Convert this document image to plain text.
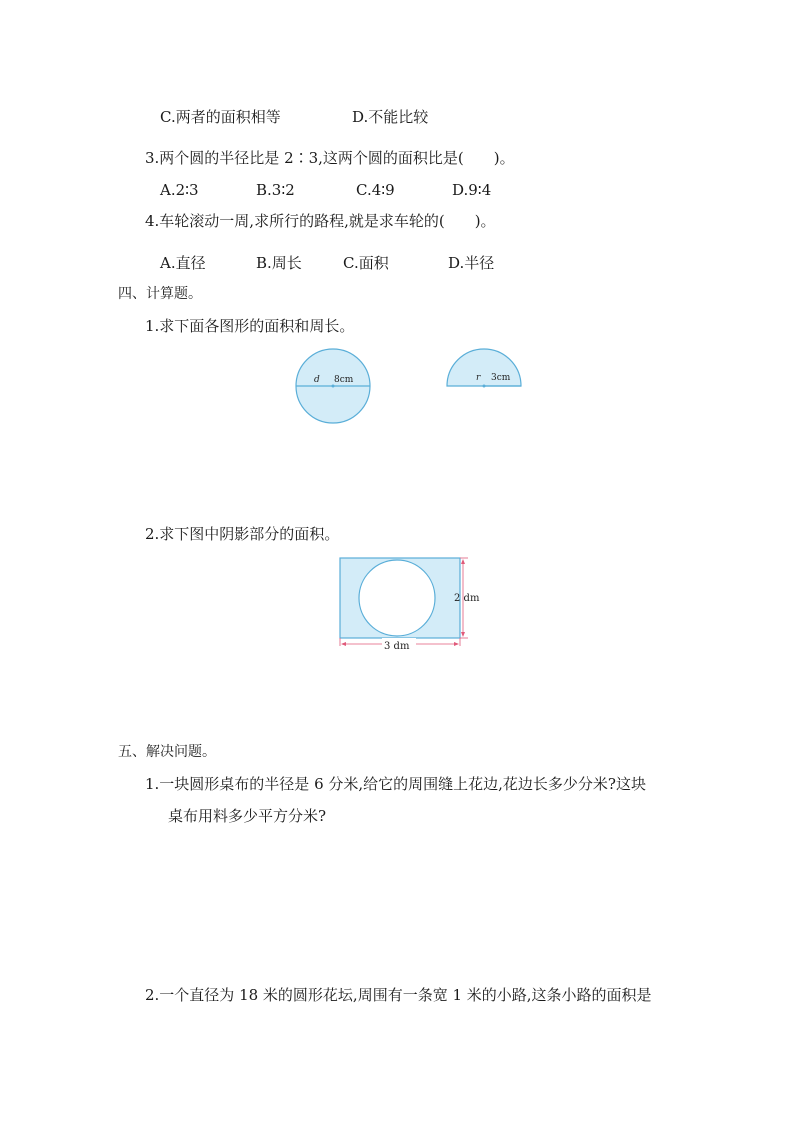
C.两者的面积相等	D.不能比较
3.两个圆的半径比是 2∶3,这两个圆的面积比是(　　)。
A.2∶3	B.3∶2	C.4∶9	D.9∶4
4.车轮滚动一周,求所行的路程,就是求车轮的(　　)。
A.直径	B.周长	C.面积	D.半径
四、计算题。
1.求下面各图形的面积和周长。
d 8cm	r 3cm
2.求下图中阴影部分的面积。
2 dm
3 dm
五、解决问题。
1.一块圆形桌布的半径是 6 分米,给它的周围缝上花边,花边长多少分米?这块
桌布用料多少平方分米?
2.一个直径为 18 米的圆形花坛,周围有一条宽 1 米的小路,这条小路的面积是
